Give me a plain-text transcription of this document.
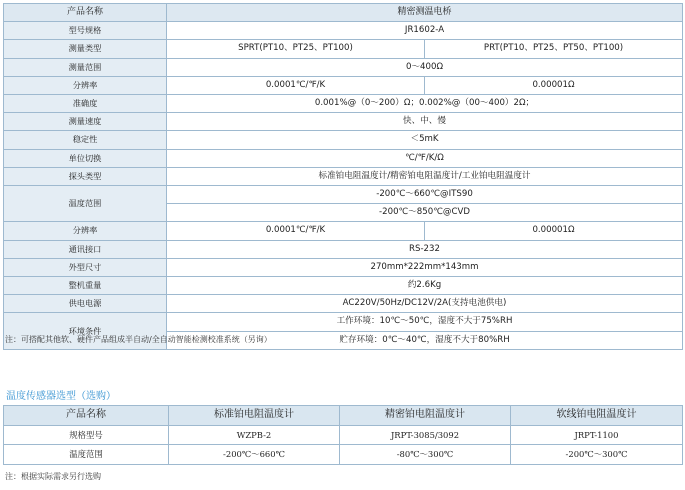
产品名称	精密测温电桥	
型号规格	JR1602-A	
测量类型	SPRT(PT10、PT25、PT100)	PRT(PT10、PT25、PT50、PT100)
测量范围	0～400Ω	
分辨率	0.0001℃/℉/K	0.00001Ω
准确度	0.001%@（0～200）Ω；0.002%@（00～400）2Ω；	
测量速度	快、中、慢	
稳定性	＜5mK	
单位切换	℃/℉/K/Ω	
探头类型	标准铂电阻温度计/精密铂电阻温度计/工业铂电阻温度计	
温度范围	-200℃～660℃@ITS90	
	-200℃～850℃@CVD	
分辨率	0.0001℃/℉/K	0.00001Ω
通讯接口	RS-232	
外型尺寸	270mm*222mm*143mm	
整机重量	约2.6Kg	
供电电源	AC220V/50Hz/DC12V/2A(支持电池供电)	
环境条件	工作环境：10℃～50℃，湿度不大于75%RH	
	贮存环境：0℃～40℃，湿度不大于80%RH	
注：可搭配其他软、硬件产品组成半自动/全自动智能检测校准系统（另询）
温度传感器选型（选购）
产品名称	标准铂电阻温度计	精密铂电阻温度计	软线铂电阻温度计
规格型号	WZPB-2	JRPT-3085/3092	JRPT-1100
温度范围	-200℃～660℃	-80℃～300℃	-200℃～300℃
注：根据实际需求另行选购
